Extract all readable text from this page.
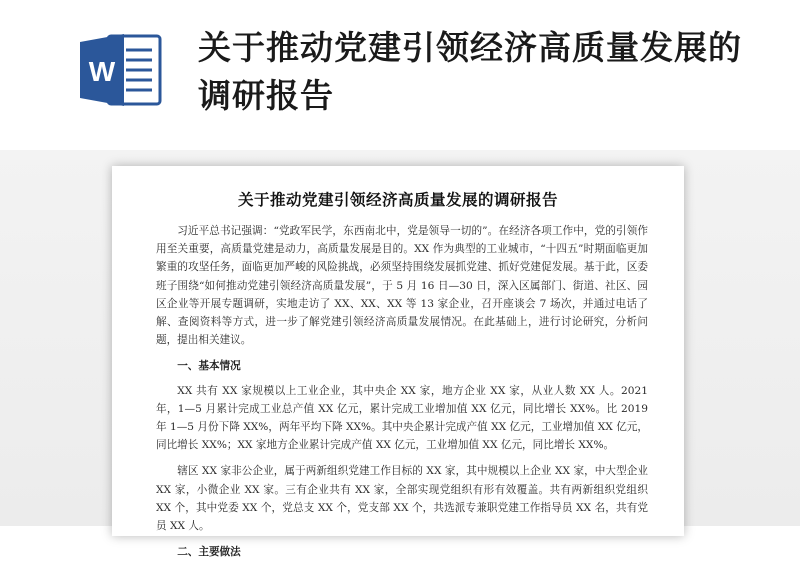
W
关于推动党建引领经济高质量发展的调研报告
关于推动党建引领经济高质量发展的调研报告

习近平总书记强调：“党政军民学，东西南北中，党是领导一切的”。在经济各项工作中，党的引领作用至关重要，高质量党建是动力，高质量发展是目的。XX 作为典型的工业城市，“十四五”时期面临更加繁重的攻坚任务，面临更加严峻的风险挑战，必须坚持围绕发展抓党建、抓好党建促发展。基于此，区委班子围绕“如何推动党建引领经济高质量发展”，于 5 月 16 日—30 日，深入区属部门、街道、社区、园区企业等开展专题调研，实地走访了 XX、XX、XX 等 13 家企业，召开座谈会 7 场次，并通过电话了解、查阅资料等方式，进一步了解党建引领经济高质量发展情况。在此基础上，进行讨论研究，分析问题，提出相关建议。

一、基本情况

XX 共有 XX 家规模以上工业企业，其中央企 XX 家，地方企业 XX 家，从业人数 XX 人。2021 年，1—5 月累计完成工业总产值 XX 亿元，累计完成工业增加值 XX 亿元，同比增长 XX%。比 2019 年 1—5 月份下降 XX%，两年平均下降 XX%。其中央企累计完成产值 XX 亿元，工业增加值 XX 亿元，同比增长 XX%；XX 家地方企业累计完成产值 XX 亿元，工业增加值 XX 亿元，同比增长 XX%。

辖区 XX 家非公企业，属于两新组织党建工作目标的 XX 家，其中规模以上企业 XX 家，中大型企业 XX 家，小微企业 XX 家。三有企业共有 XX 家，全部实现党组织有形有效覆盖。共有两新组织党组织 XX 个，其中党委 XX 个，党总支 XX 个，党支部 XX 个，共选派专兼职党建工作指导员 XX 名，共有党员 XX 人。

二、主要做法
